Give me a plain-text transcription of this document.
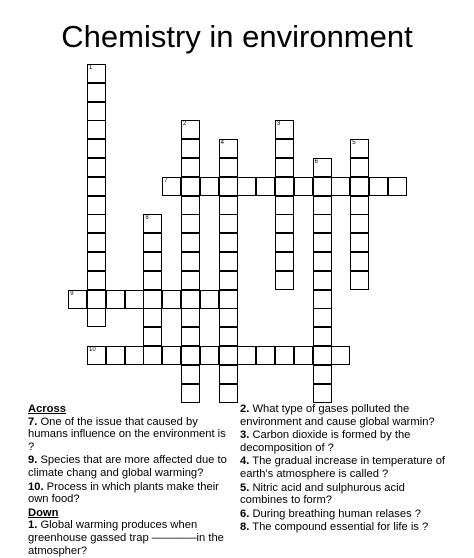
Chemistry in environment
1
2	3
4	5
6
7
8
9
10
Across
7. One of the issue that caused by humans influence on the environment is ?
9. Species that are more affected due to climate chang and global warming?
10. Process in which plants make their own food?
Down
1. Global warming produces when greenhouse gassed trap ————in the atmospher?
2. What type of gases polluted the environment and cause global warmin?
3. Carbon dioxide is formed by the decomposition of ?
4. The gradual increase in temperature of earth's atmosphere is called ?
5. Nitric acid and sulphurous acid combines to form?
6. During breathing human relases ?
8. The compound essential for life is ?
